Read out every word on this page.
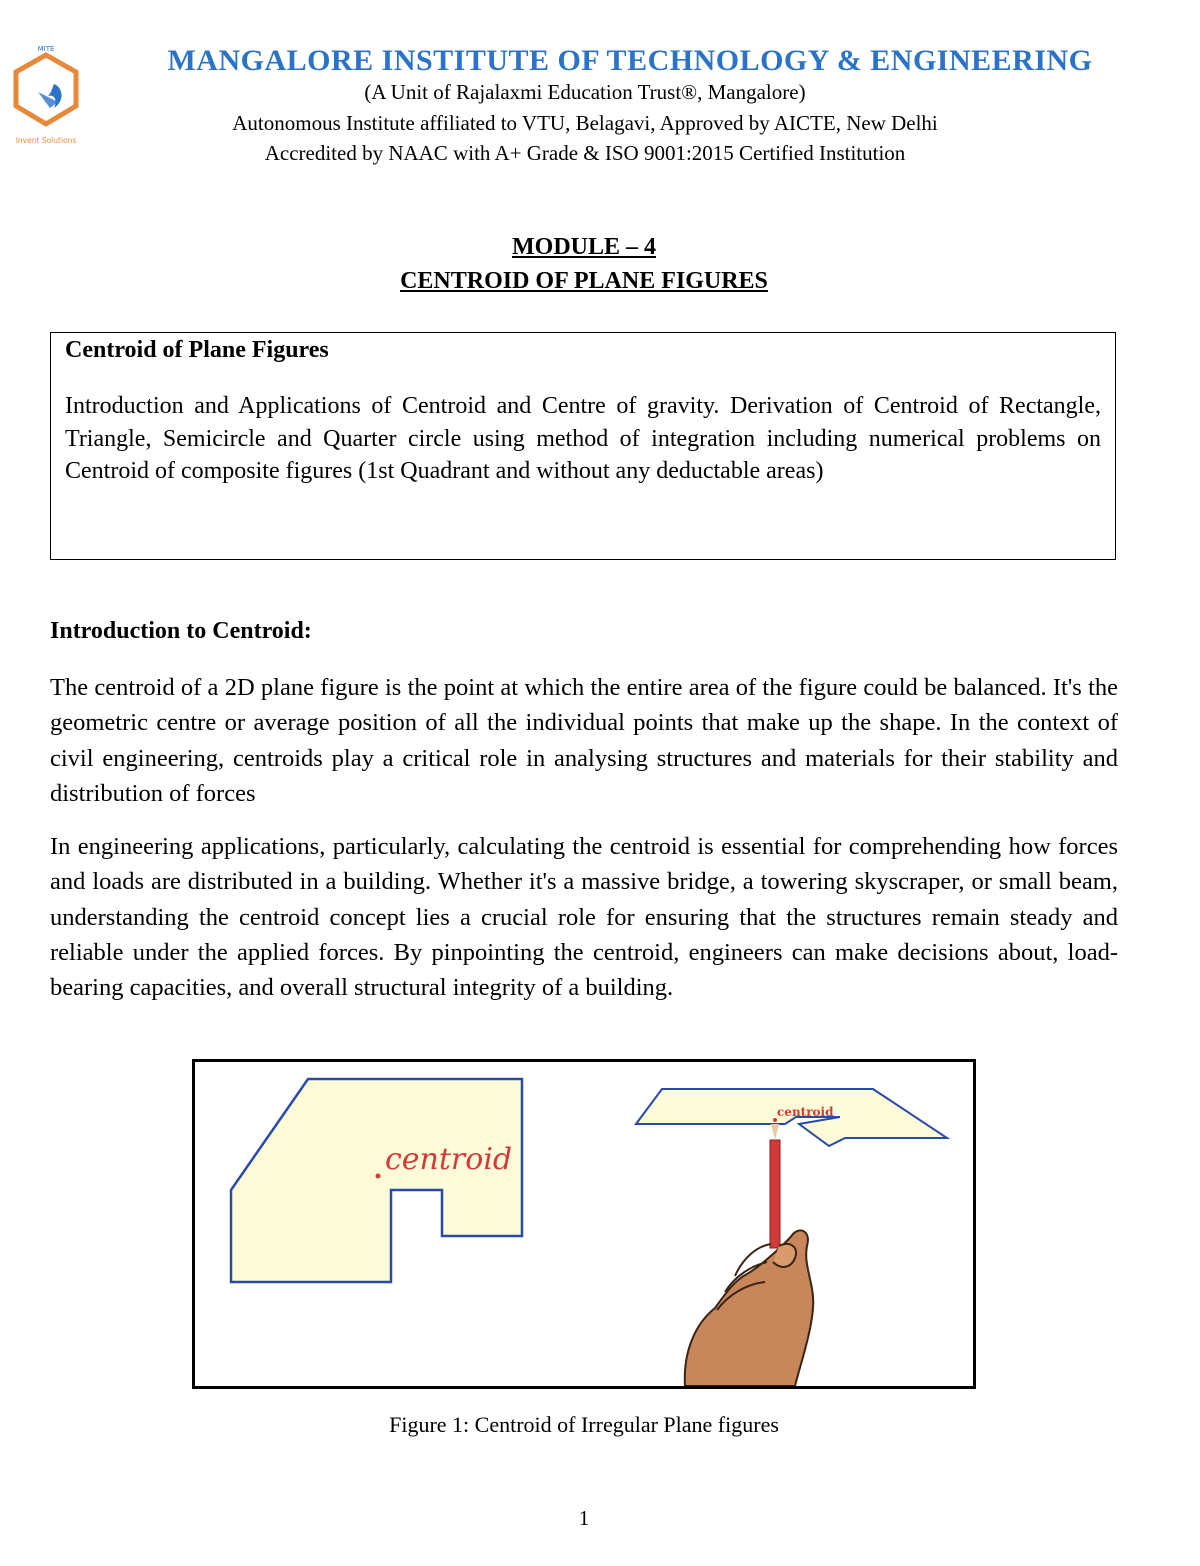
MITE
Invent Solutions
MANGALORE INSTITUTE OF TECHNOLOGY & ENGINEERING
(A Unit of Rajalaxmi Education Trust®, Mangalore)
Autonomous Institute affiliated to VTU, Belagavi, Approved by AICTE, New Delhi
Accredited by NAAC with A+ Grade & ISO 9001:2015 Certified Institution
MODULE – 4
CENTROID OF PLANE FIGURES

Centroid of Plane Figures

Introduction and Applications of Centroid and Centre of gravity. Derivation of Centroid of Rectangle, Triangle, Semicircle and Quarter circle using method of integration including numerical problems on Centroid of composite figures (1st Quadrant and without any deductable areas)

Introduction to Centroid:

The centroid of a 2D plane figure is the point at which the entire area of the figure could be balanced. It's the geometric centre or average position of all the individual points that make up the shape. In the context of civil engineering, centroids play a critical role in analysing structures and materials for their stability and distribution of forces

In engineering applications, particularly, calculating the centroid is essential for comprehending how forces and loads are distributed in a building. Whether it's a massive bridge, a towering skyscraper, or small beam, understanding the centroid concept lies a crucial role for ensuring that the structures remain steady and reliable under the applied forces. By pinpointing the centroid, engineers can make decisions about, load-bearing capacities, and overall structural integrity of a building.

centroid
centroid
Figure 1: Centroid of Irregular Plane figures
1
